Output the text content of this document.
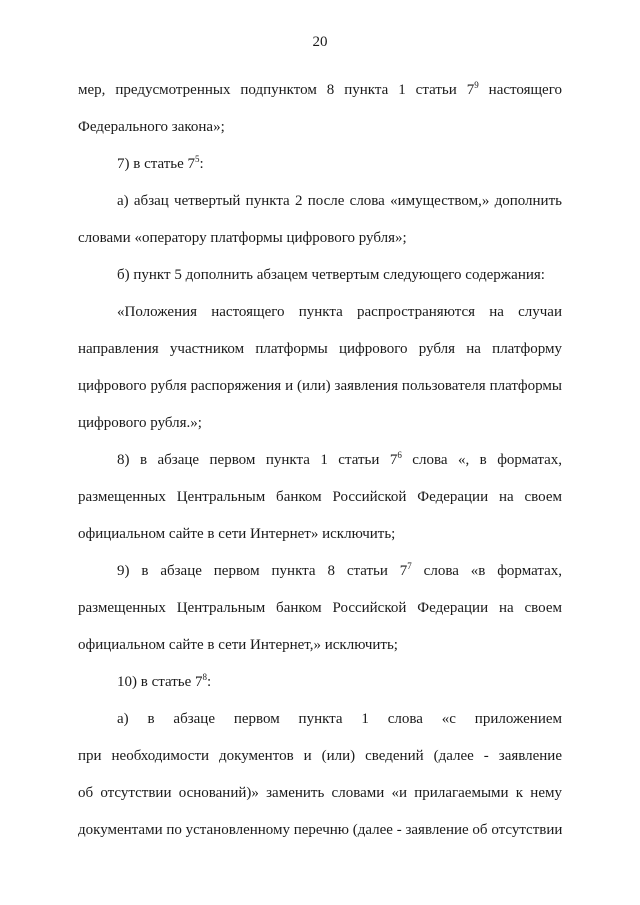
20
мер, предусмотренных подпунктом 8 пункта 1 статьи $7^9$ настоящего
Федерального закона»;
7) в статье $7^5$:
а) абзац четвертый пункта 2 после слова «имуществом,» дополнить
словами «оператору платформы цифрового рубля»;
б) пункт 5 дополнить абзацем четвертым следующего содержания:
«Положения настоящего пункта распространяются на случаи
направления участником платформы цифрового рубля на платформу
цифрового рубля распоряжения и (или) заявления пользователя платформы
цифрового рубля.»;
8) в абзаце первом пункта 1 статьи $7^6$ слова «, в форматах,
размещенных Центральным банком Российской Федерации на своем
официальном сайте в сети Интернет» исключить;
9) в абзаце первом пункта 8 статьи $7^7$ слова «в форматах,
размещенных Центральным банком Российской Федерации на своем
официальном сайте в сети Интернет,» исключить;
10) в статье $7^8$:
а) в абзаце первом пункта 1 слова «с приложением
при необходимости документов и (или) сведений (далее - заявление
об отсутствии оснований)» заменить словами «и прилагаемыми к нему
документами по установленному перечню (далее - заявление об отсутствии
